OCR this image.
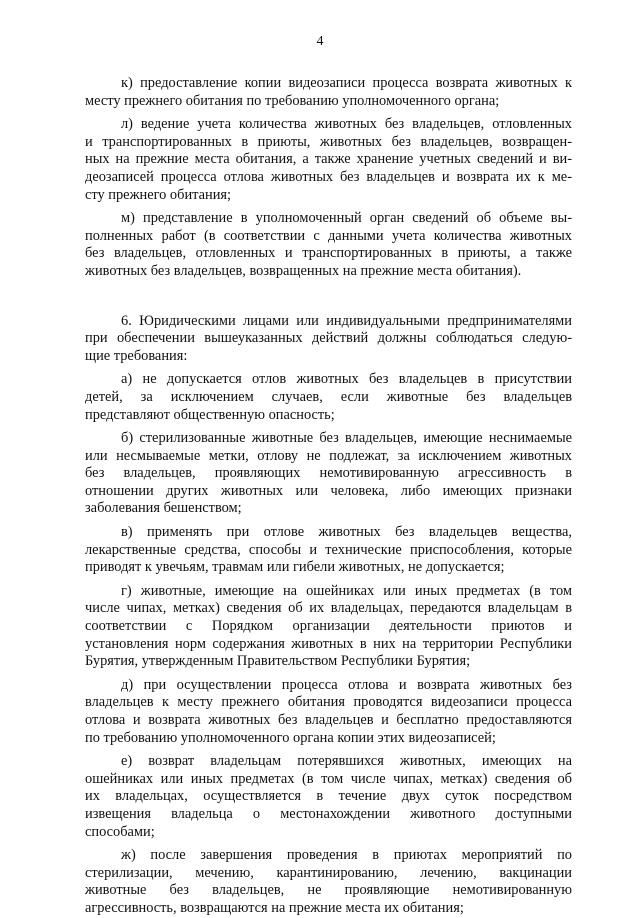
4
к) предоставление копии видеозаписи процесса возврата животных к
месту прежнего обитания по требованию уполномоченного органа;
л) ведение учета количества животных без владельцев, отловленных
и транспортированных в приюты, животных без владельцев, возвращен-
ных на прежние места обитания, а также хранение учетных сведений и ви-
деозаписей процесса отлова животных без владельцев и возврата их к ме-
сту прежнего обитания;
м) представление в уполномоченный орган сведений об объеме вы-
полненных работ (в соответствии с данными учета количества животных
без владельцев, отловленных и транспортированных в приюты, а также
животных без владельцев, возвращенных на прежние места обитания).
6. Юридическими лицами или индивидуальными предпринимателями
при обеспечении вышеуказанных действий должны соблюдаться следую-
щие требования:
а) не допускается отлов животных без владельцев в присутствии
детей, за исключением случаев, если животные без владельцев
представляют общественную опасность;
б) стерилизованные животные без владельцев, имеющие неснимаемые
или несмываемые метки, отлову не подлежат, за исключением животных
без владельцев, проявляющих немотивированную агрессивность в
отношении других животных или человека, либо имеющих признаки
заболевания бешенством;
в) применять при отлове животных без владельцев вещества,
лекарственные средства, способы и технические приспособления, которые
приводят к увечьям, травмам или гибели животных, не допускается;
г) животные, имеющие на ошейниках или иных предметах (в том
числе чипах, метках) сведения об их владельцах, передаются владельцам в
соответствии с Порядком организации деятельности приютов и
установления норм содержания животных в них на территории Республики
Бурятия, утвержденным Правительством Республики Бурятия;
д) при осуществлении процесса отлова и возврата животных без
владельцев к месту прежнего обитания проводятся видеозаписи процесса
отлова и возврата животных без владельцев и бесплатно предоставляются
по требованию уполномоченного органа копии этих видеозаписей;
е) возврат владельцам потерявшихся животных, имеющих на
ошейниках или иных предметах (в том числе чипах, метках) сведения об
их владельцах, осуществляется в течение двух суток посредством
извещения владельца о местонахождении животного доступными
способами;
ж) после завершения проведения в приютах мероприятий по
стерилизации, мечению, карантинированию, лечению, вакцинации
животные без владельцев, не проявляющие немотивированную
агрессивность, возвращаются на прежние места их обитания;
